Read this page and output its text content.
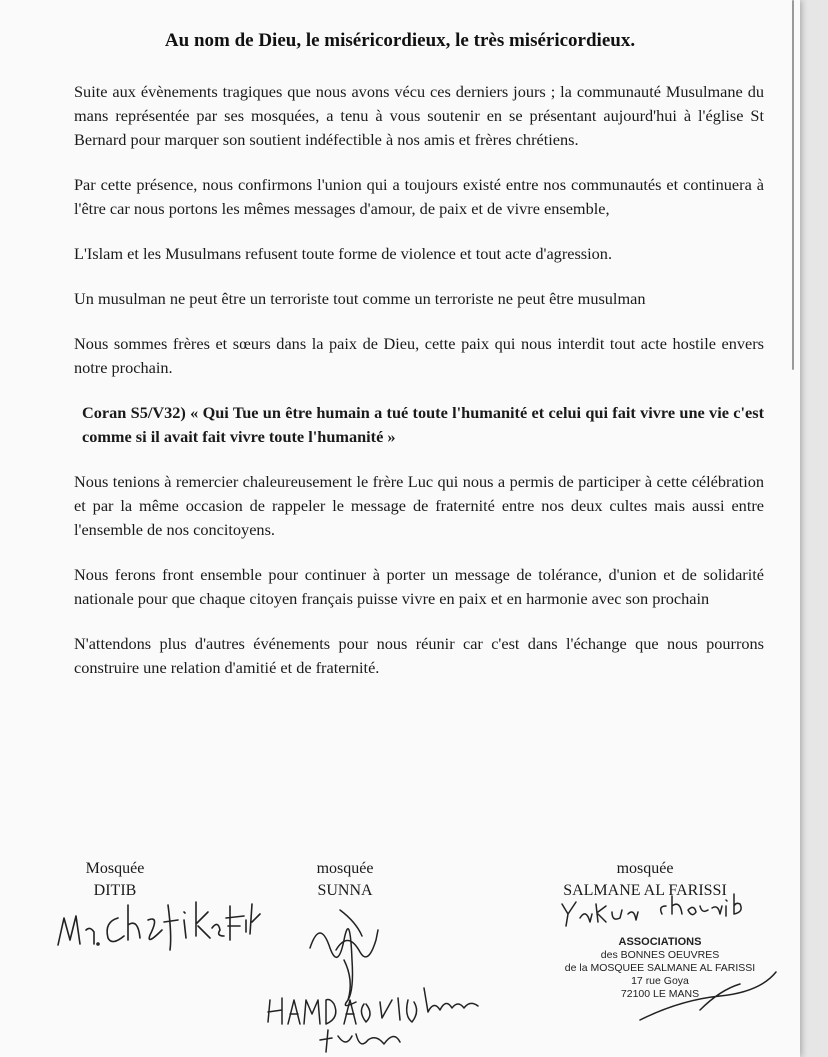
Au nom de Dieu, le miséricordieux, le très miséricordieux.

Suite aux évènements tragiques que nous avons vécu ces derniers jours ; la communauté Musulmane du mans représentée par ses mosquées, a tenu à vous soutenir en se présentant aujourd'hui à l'église St Bernard pour marquer son soutient indéfectible à nos amis et frères chrétiens.

Par cette présence, nous confirmons l'union qui a toujours existé entre nos communautés et continuera à l'être car nous portons les mêmes messages d'amour, de paix et de vivre ensemble,

L'Islam et les Musulmans refusent toute forme de violence et tout acte d'agression.

Un musulman ne peut être un terroriste tout comme un terroriste ne peut être musulman

Nous sommes frères et sœurs dans la paix de Dieu, cette paix qui nous interdit tout acte hostile envers notre prochain.

Coran S5/V32) « Qui Tue un être humain a tué toute l'humanité et celui qui fait vivre une vie c'est comme si il avait fait vivre toute l'humanité »

Nous tenions à remercier chaleureusement le frère Luc qui nous a permis de participer à cette célébration et par la même occasion de rappeler le message de fraternité entre nos deux cultes mais aussi entre l'ensemble de nos concitoyens.

Nous ferons front ensemble pour continuer à porter un message de tolérance, d'union et de solidarité nationale pour que chaque citoyen français puisse vivre en paix et en harmonie avec son prochain

N'attendons plus d'autres événements pour nous réunir car c'est dans l'échange que nous pourrons construire une relation d'amitié et de fraternité.

Mosquée
DITIB
mosquée
SUNNA
mosquée
SALMANE AL FARISSI
ASSOCIATIONS
des BONNES OEUVRES
de la MOSQUEE SALMANE AL FARISSI
17 rue Goya
72100 LE MANS
